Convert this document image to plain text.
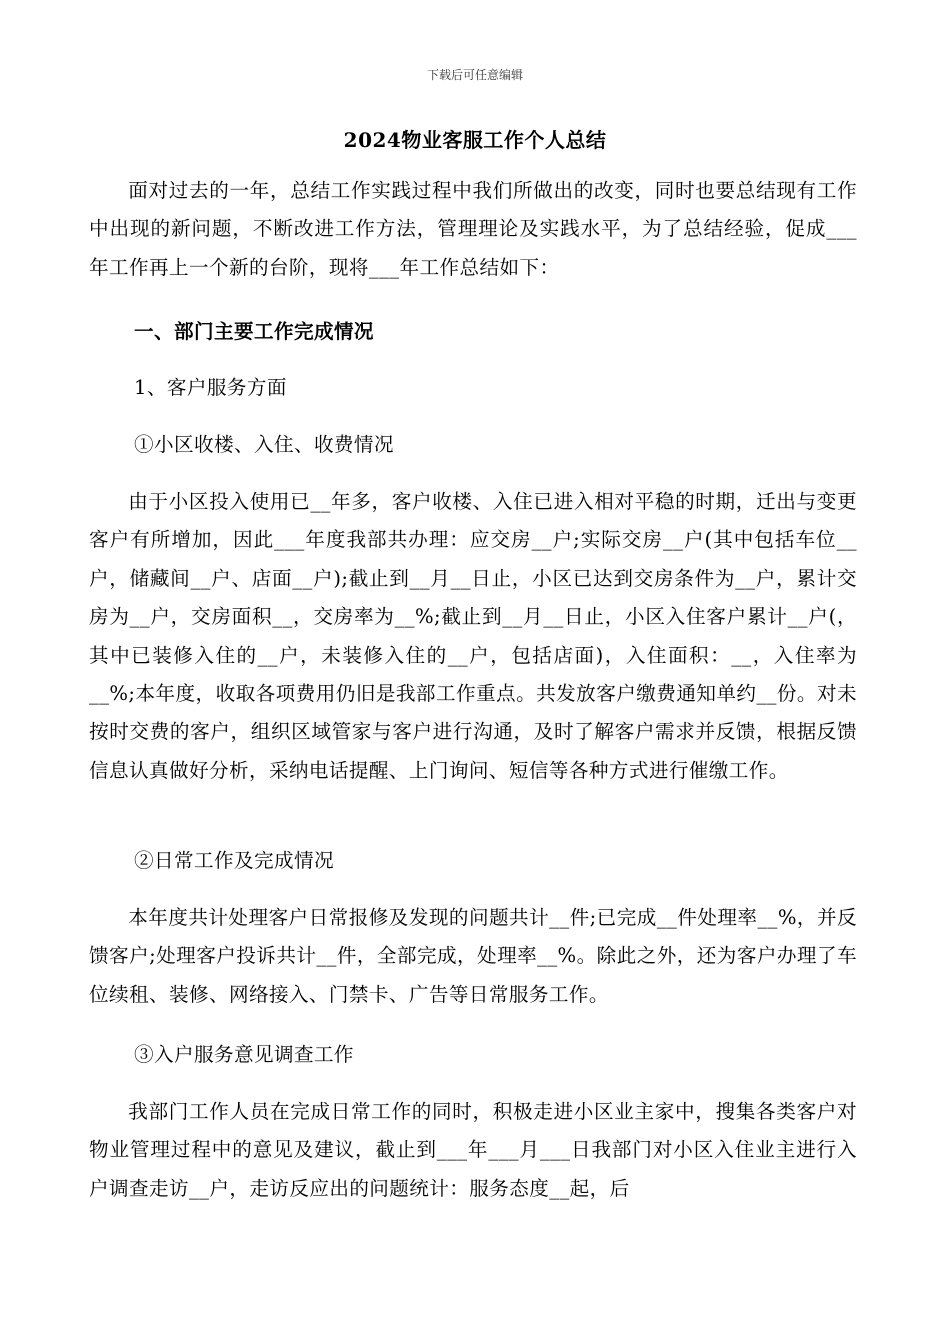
下载后可任意编辑
2024物业客服工作个人总结
面对过去的一年，总结工作实践过程中我们所做出的改变，同时也要总结现有工作中出现的新问题，不断改进工作方法，管理理论及实践水平，为了总结经验，促成___年工作再上一个新的台阶，现将___年工作总结如下：
一、部门主要工作完成情况
1、客户服务方面
①小区收楼、入住、收费情况
由于小区投入使用已__年多，客户收楼、入住已进入相对平稳的时期，迁出与变更客户有所增加，因此___年度我部共办理：应交房__户;实际交房__户(其中包括车位__户，储藏间__户、店面__户);截止到__月__日止，小区已达到交房条件为__户，累计交房为__户，交房面积__，交房率为__%;截止到__月__日止，小区入住客户累计__户(，其中已装修入住的__户，未装修入住的__户，包括店面)，入住面积：__，入住率为__%;本年度，收取各项费用仍旧是我部工作重点。共发放客户缴费通知单约__份。对未按时交费的客户，组织区域管家与客户进行沟通，及时了解客户需求并反馈，根据反馈信息认真做好分析，采纳电话提醒、上门询问、短信等各种方式进行催缴工作。
②日常工作及完成情况
本年度共计处理客户日常报修及发现的问题共计__件;已完成__件处理率__%，并反馈客户;处理客户投诉共计__件，全部完成，处理率__%。除此之外，还为客户办理了车位续租、装修、网络接入、门禁卡、广告等日常服务工作。
③入户服务意见调查工作
我部门工作人员在完成日常工作的同时，积极走进小区业主家中，搜集各类客户对物业管理过程中的意见及建议，截止到___年___月___日我部门对小区入住业主进行入户调查走访__户，走访反应出的问题统计：服务态度__起，后
